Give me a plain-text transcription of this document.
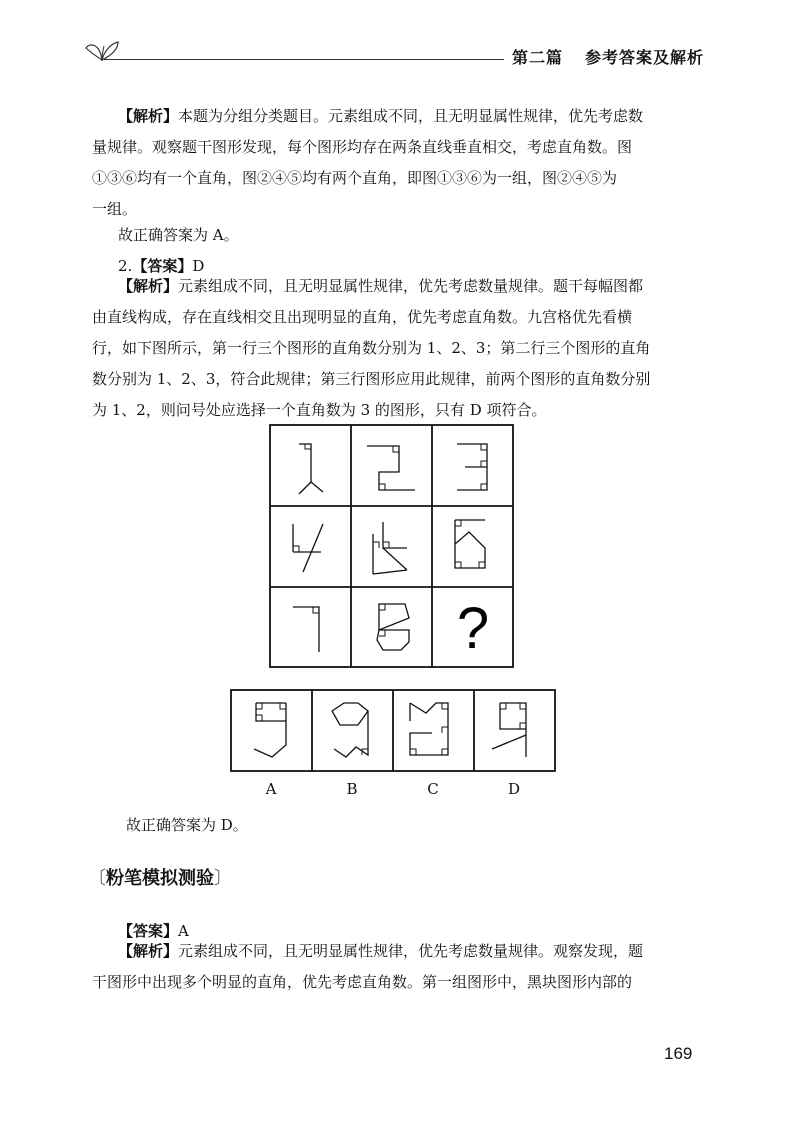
第二篇 参考答案及解析
【解析】本题为分组分类题目。元素组成不同，且无明显属性规律，优先考虑数
量规律。观察题干图形发现，每个图形均存在两条直线垂直相交，考虑直角数。图
①③⑥均有一个直角，图②④⑤均有两个直角，即图①③⑥为一组，图②④⑤为
一组。
故正确答案为 A。
2.【答案】D
【解析】元素组成不同，且无明显属性规律，优先考虑数量规律。题干每幅图都
由直线构成，存在直线相交且出现明显的直角，优先考虑直角数。九宫格优先看横
行，如下图所示，第一行三个图形的直角数分别为 1、2、3；第二行三个图形的直角
数分别为 1、2、3，符合此规律；第三行图形应用此规律，前两个图形的直角数分别
为 1、2，则问号处应选择一个直角数为 3 的图形，只有 D 项符合。
?
A	B	C	D
故正确答案为 D。
〔粉笔模拟测验〕
【答案】A
【解析】元素组成不同，且无明显属性规律，优先考虑数量规律。观察发现，题
干图形中出现多个明显的直角，优先考虑直角数。第一组图形中，黑块图形内部的
169
